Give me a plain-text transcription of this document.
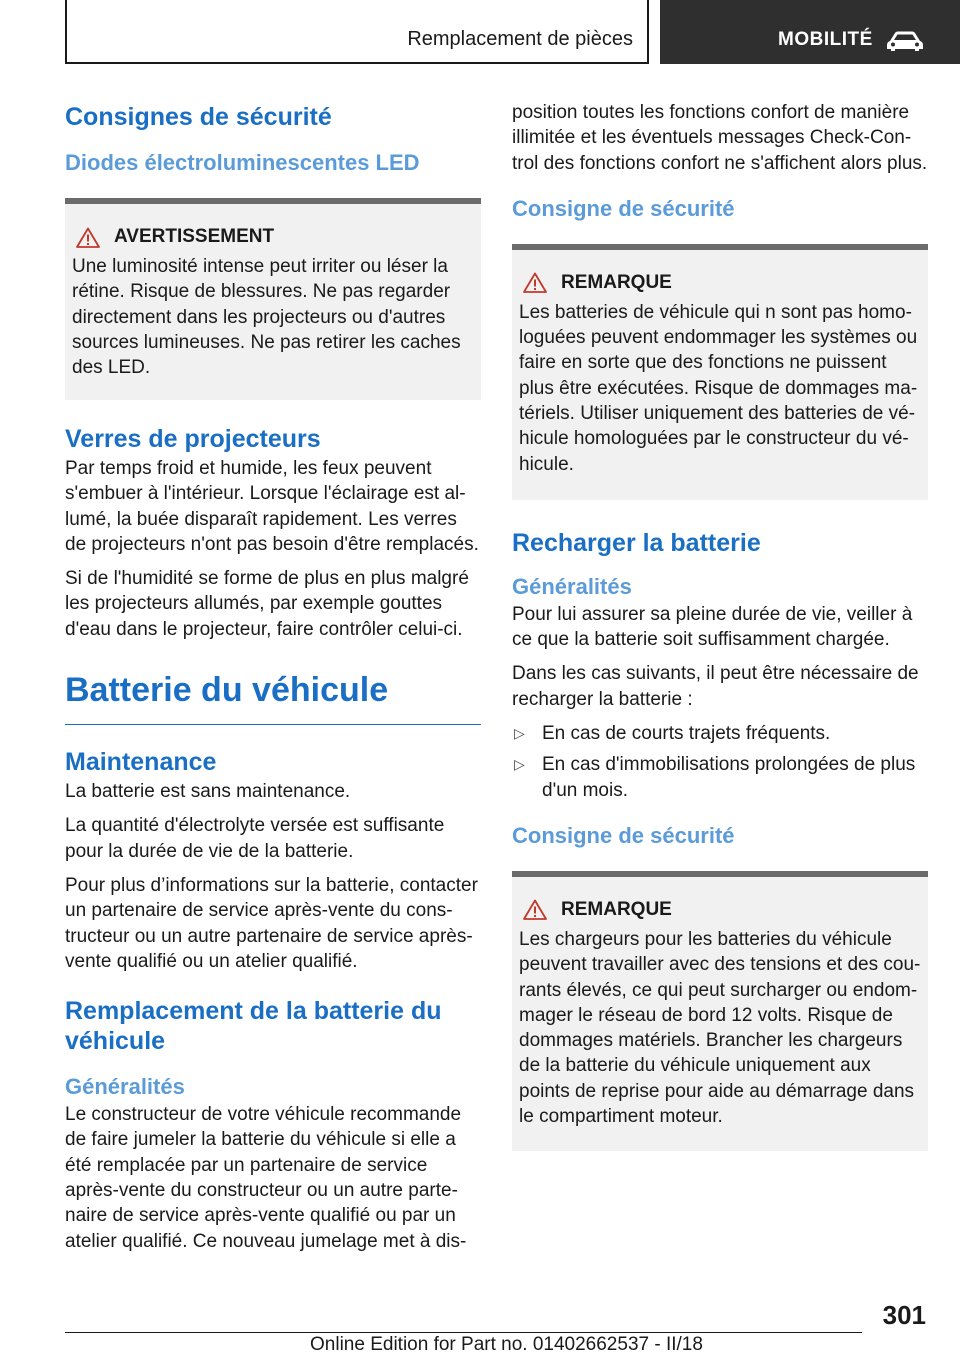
Remplacement de pièces	MOBILITÉ
Consignes de sécurité
Diodes électroluminescentes LED
AVERTISSEMENT

Une luminosité intense peut irriter ou léser la rétine. Risque de blessures. Ne pas regarder directement dans les projecteurs ou d'autres sources lumineuses. Ne pas retirer les caches des LED.

Verres de projecteurs

Par temps froid et humide, les feux peuvent s'embuer à l'intérieur. Lorsque l'éclairage est allumé, la buée disparaît rapidement. Les verres de projecteurs n'ont pas besoin d'être remplacés.

Si de l'humidité se forme de plus en plus malgré les projecteurs allumés, par exemple gouttes d'eau dans le projecteur, faire contrôler celui-ci.

Batterie du véhicule
Maintenance

La batterie est sans maintenance.

La quantité d'électrolyte versée est suffisante pour la durée de vie de la batterie.

Pour plus d’informations sur la batterie, contacter un partenaire de service après-vente du constructeur ou un autre partenaire de service après-vente qualifié ou un atelier qualifié.

Remplacement de la batterie du véhicule
Généralités

Le constructeur de votre véhicule recommande de faire jumeler la batterie du véhicule si elle a été remplacée par un partenaire de service après-vente du constructeur ou un autre partenaire de service après-vente qualifié ou par un atelier qualifié. Ce nouveau jumelage met à dis-

position toutes les fonctions confort de manière illimitée et les éventuels messages Check-Control des fonctions confort ne s'affichent alors plus.

Consigne de sécurité
REMARQUE

Les batteries de véhicule qui n sont pas homologuées peuvent endommager les systèmes ou faire en sorte que des fonctions ne puissent plus être exécutées. Risque de dommages matériels. Utiliser uniquement des batteries de véhicule homologuées par le constructeur du véhicule.

Recharger la batterie
Généralités

Pour lui assurer sa pleine durée de vie, veiller à ce que la batterie soit suffisamment chargée.

Dans les cas suivants, il peut être nécessaire de recharger la batterie :

▷ En cas de courts trajets fréquents.
▷ En cas d'immobilisations prolongées de plus d'un mois.
Consigne de sécurité
REMARQUE

Les chargeurs pour les batteries du véhicule peuvent travailler avec des tensions et des courants élevés, ce qui peut surcharger ou endommager le réseau de bord 12 volts. Risque de dommages matériels. Brancher les chargeurs de la batterie du véhicule uniquement aux points de reprise pour aide au démarrage dans le compartiment moteur.

301
Online Edition for Part no. 01402662537 - II/18
